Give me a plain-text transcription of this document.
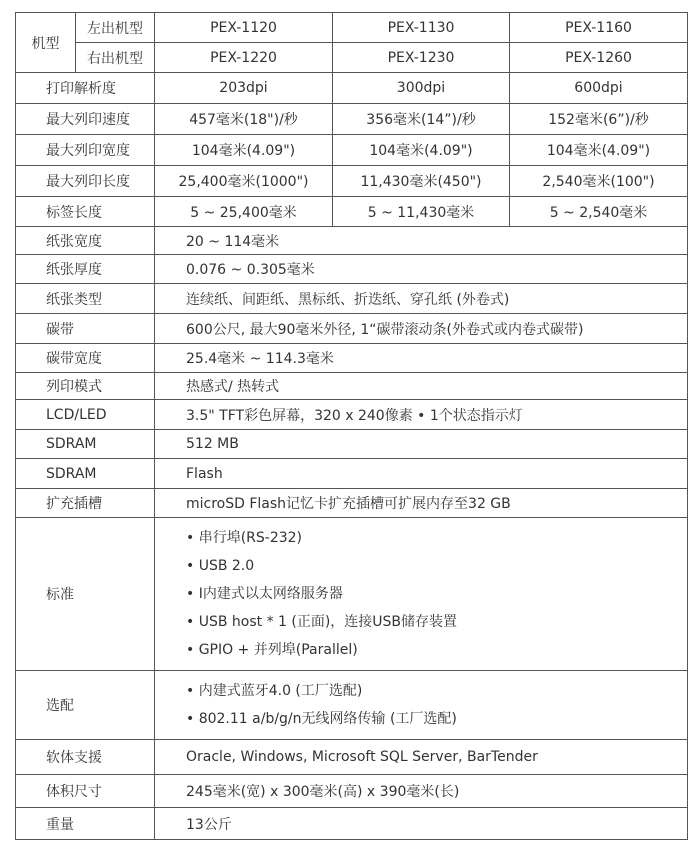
机型	左出机型	PEX-1120	PEX-1130	PEX-1160
	右出机型	PEX-1220	PEX-1230	PEX-1260
打印解析度		203dpi	300dpi	600dpi
最大列印速度		457毫米(18")/秒	356毫米(14”)/秒	152毫米(6”)/秒
最大列印宽度		104毫米(4.09")	104毫米(4.09")	104毫米(4.09")
最大列印长度		25,400毫米(1000")	11,430毫米(450")	2,540毫米(100")
标签长度		5 ~ 25,400毫米	5 ~ 11,430毫米	5 ~ 2,540毫米
纸张宽度		20 ~ 114毫米		
纸张厚度		0.076 ~ 0.305毫米		
纸张类型		连续纸、间距纸、黑标纸、折迭纸、穿孔纸 (外卷式)		
碳带		600公尺, 最大90毫米外径, 1“碳带滚动条(外卷式或内卷式碳带)		
碳带宽度		25.4毫米 ~ 114.3毫米		
列印模式		热感式/ 热转式		
LCD/LED		3.5" TFT彩色屏幕，320 x 240像素 • 1个状态指示灯		
SDRAM		512 MB		
SDRAM		Flash		
扩充插槽		microSD Flash记忆卡扩充插槽可扩展内存至32 GB		
标准		• 串行埠(RS-232)
• USB 2.0
• I内建式以太网络服务器
• USB host * 1 (正面)，连接USB储存装置
• GPIO + 并列埠(Parallel)		

选配		• 内建式蓝牙4.0 (工厂选配)
• 802.11 a/b/g/n无线网络传输 (工厂选配)		

软体支援		Oracle, Windows, Microsoft SQL Server, BarTender		
体积尺寸		245毫米(宽) x 300毫米(高) x 390毫米(长)		
重量		13公斤		
